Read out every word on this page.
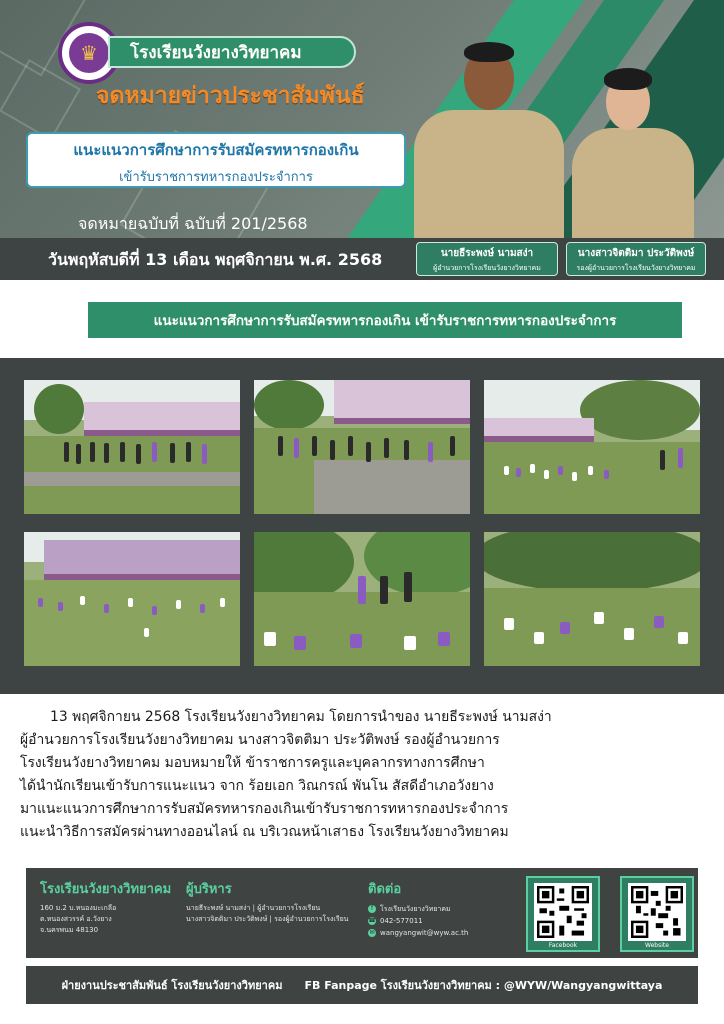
♛	โรงเรียนวังยางวิทยาคม
จดหมายข่าวประชาสัมพันธ์
แนะแนวการศึกษาการรับสมัครทหารกองเกิน
เข้ารับราชการทหารกองประจำการ
จดหมายฉบับที่ ฉบับที่ 201/2568
วันพฤหัสบดีที่ 13 เดือน พฤศจิกายน พ.ศ. 2568	นายธีระพงษ์ นามสง่า
ผู้อำนวยการโรงเรียนวังยางวิทยาคม
นางสาวจิตติมา ประวัติพงษ์
รองผู้อำนวยการโรงเรียนวังยางวิทยาคม
แนะแนวการศึกษาการรับสมัครทหารกองเกิน เข้ารับราชการทหารกองประจำการ

13 พฤศจิกายน 2568 โรงเรียนวังยางวิทยาคม โดยการนำของ นายธีระพงษ์ นามสง่า

ผู้อำนวยการโรงเรียนวังยางวิทยาคม นางสาวจิตติมา ประวัติพงษ์ รองผู้อำนวยการ

โรงเรียนวังยางวิทยาคม มอบหมายให้ ข้าราชการครูและบุคลากรทางการศึกษา

ได้นำนักเรียนเข้ารับการแนะแนว จาก ร้อยเอก วิณกรณ์ พันโน สัสดีอำเภอวังยาง

มาแนะแนวการศึกษาการรับสมัครทหารกองเกินเข้ารับราชการทหารกองประจำการ

แนะนำวิธีการสมัครผ่านทางออนไลน์ ณ บริเวณหน้าเสาธง โรงเรียนวังยางวิทยาคม

โรงเรียนวังยางวิทยาคม
160 ม.2 บ.หนองมะเกลือ
ต.หนองสวรรค์ อ.วังยาง
จ.นครพนม 48130
ผู้บริหาร
นายธีระพงษ์ นามสง่า | ผู้อำนวยการโรงเรียน
นางสาวจิตติมา ประวัติพงษ์ | รองผู้อำนวยการโรงเรียน
ติดต่อ
f โรงเรียนวังยางวิทยาคม
☎ 042-577011
✉ wangyangwit@wyw.ac.th
Facebook	Website
ฝ่ายงานประชาสัมพันธ์ โรงเรียนวังยางวิทยาคม FB Fanpage โรงเรียนวังยางวิทยาคม : @WYW/Wangyangwittaya
